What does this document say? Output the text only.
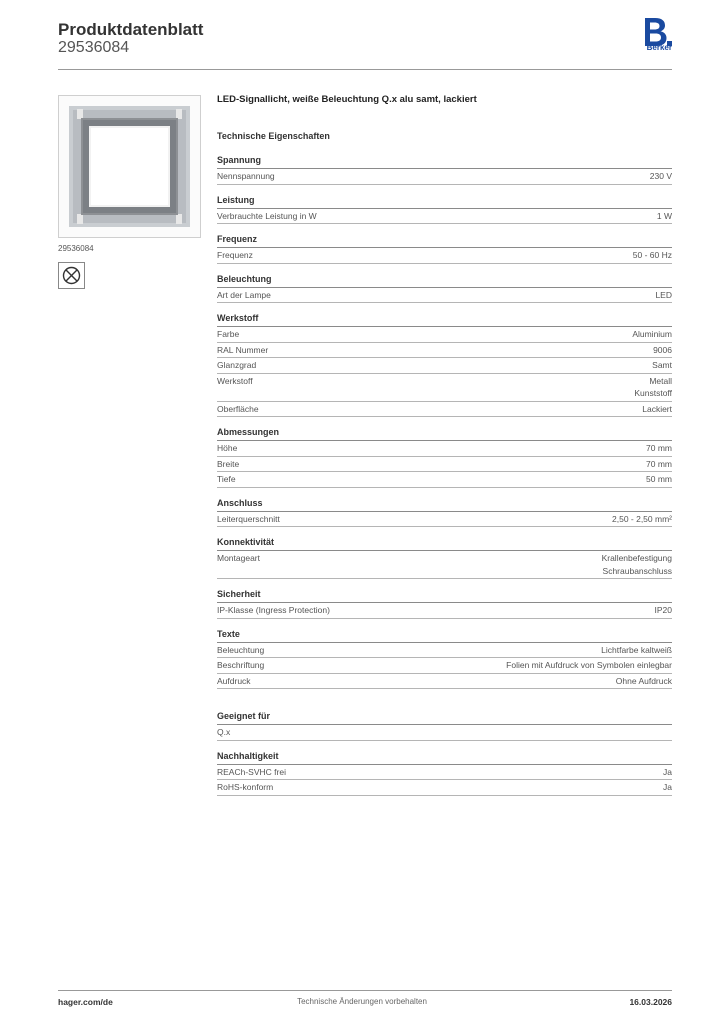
Produktdatenblatt
29536084	Berker
29536084
LED-Signallicht, weiße Beleuchtung Q.x alu samt, lackiert
Technische Eigenschaften
Spannung
Nennspannung	230 V
Leistung
Verbrauchte Leistung in W	1 W
Frequenz
Frequenz	50 - 60 Hz
Beleuchtung
Art der Lampe	LED
Werkstoff
Farbe	Aluminium
RAL Nummer	9006
Glanzgrad	Samt
Werkstoff	Metall
Kunststoff
Oberfläche	Lackiert
Abmessungen
Höhe	70 mm
Breite	70 mm
Tiefe	50 mm
Anschluss
Leiterquerschnitt	2,50 - 2,50 mm²
Konnektivität
Montageart	Krallenbefestigung
Schraubanschluss
Sicherheit
IP-Klasse (Ingress Protection)	IP20
Texte
Beleuchtung	Lichtfarbe kaltweiß
Beschriftung	Folien mit Aufdruck von Symbolen einlegbar
Aufdruck	Ohne Aufdruck
Geeignet für
Q.x
Nachhaltigkeit
REACh-SVHC frei	Ja
RoHS-konform	Ja
hager.com/de	Technische Änderungen vorbehalten	16.03.2026
